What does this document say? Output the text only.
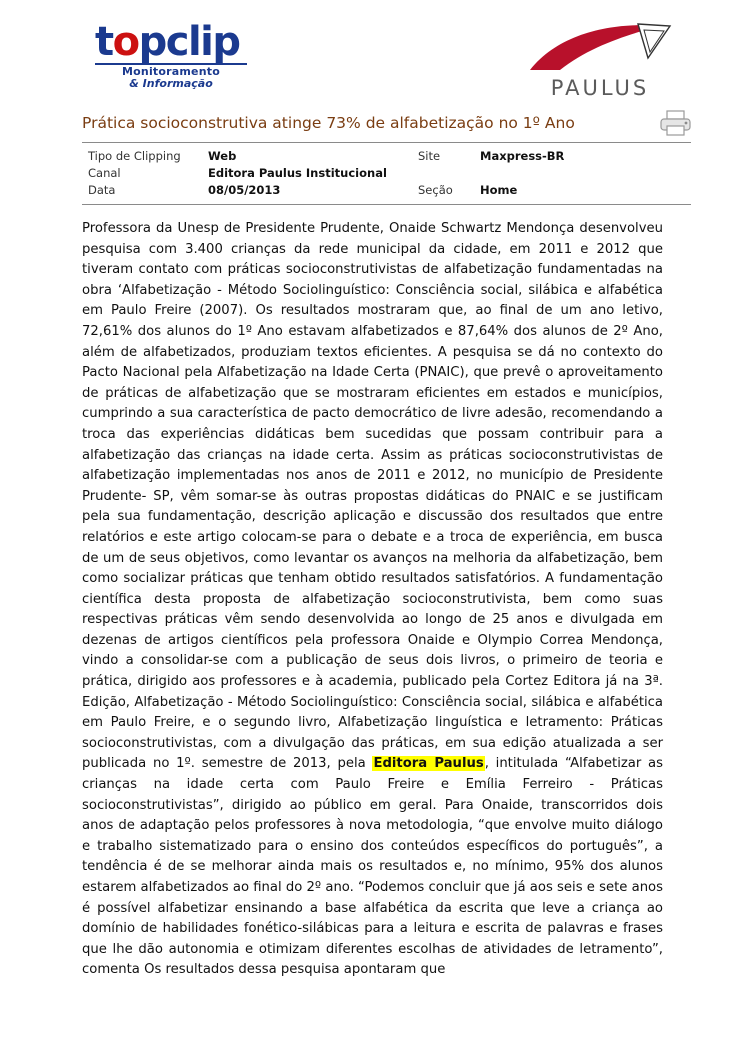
topclip
Monitoramento
& Informação	PAULUS
Prática socioconstrutiva atinge 73% de alfabetização no 1º Ano
Tipo de Clipping	Web	Site	Maxpress-BR
Canal	Editora Paulus Institucional
Data	08/05/2013	Seção	Home
Professora da Unesp de Presidente Prudente, Onaide Schwartz Mendonça desenvolveu pesquisa com 3.400 crianças da rede municipal da cidade, em 2011 e 2012 que tiveram contato com práticas socioconstrutivistas de alfabetização fundamentadas na obra ‘Alfabetização - Método Sociolinguístico: Consciência social, silábica e alfabética em Paulo Freire (2007). Os resultados mostraram que, ao final de um ano letivo, 72,61% dos alunos do 1º Ano estavam alfabetizados e 87,64% dos alunos de 2º Ano, além de alfabetizados, produziam textos eficientes. A pesquisa se dá no contexto do Pacto Nacional pela Alfabetização na Idade Certa (PNAIC), que prevê o aproveitamento de práticas de alfabetização que se mostraram eficientes em estados e municípios, cumprindo a sua característica de pacto democrático de livre adesão, recomendando a troca das experiências didáticas bem sucedidas que possam contribuir para a alfabetização das crianças na idade certa. Assim as práticas socioconstrutivistas de alfabetização implementadas nos anos de 2011 e 2012, no município de Presidente Prudente- SP, vêm somar-se às outras propostas didáticas do PNAIC e se justificam pela sua fundamentação, descrição aplicação e discussão dos resultados que entre relatórios e este artigo colocam-se para o debate e a troca de experiência, em busca de um de seus objetivos, como levantar os avanços na melhoria da alfabetização, bem como socializar práticas que tenham obtido resultados satisfatórios. A fundamentação científica desta proposta de alfabetização socioconstrutivista, bem como suas respectivas práticas vêm sendo desenvolvida ao longo de 25 anos e divulgada em dezenas de artigos científicos pela professora Onaide e Olympio Correa Mendonça, vindo a consolidar-se com a publicação de seus dois livros, o primeiro de teoria e prática, dirigido aos professores e à academia, publicado pela Cortez Editora já na 3ª. Edição, Alfabetização - Método Sociolinguístico: Consciência social, silábica e alfabética em Paulo Freire, e o segundo livro, Alfabetização linguística e letramento: Práticas socioconstrutivistas, com a divulgação das práticas, em sua edição atualizada a ser publicada no 1º. semestre de 2013, pela Editora Paulus, intitulada “Alfabetizar as crianças na idade certa com Paulo Freire e Emília Ferreiro - Práticas socioconstrutivistas”, dirigido ao público em geral. Para Onaide, transcorridos dois anos de adaptação pelos professores à nova metodologia, “que envolve muito diálogo e trabalho sistematizado para o ensino dos conteúdos específicos do português”, a tendência é de se melhorar ainda mais os resultados e, no mínimo, 95% dos alunos estarem alfabetizados ao final do 2º ano. “Podemos concluir que já aos seis e sete anos é possível alfabetizar ensinando a base alfabética da escrita que leve a criança ao domínio de habilidades fonético-silábicas para a leitura e escrita de palavras e frases que lhe dão autonomia e otimizam diferentes escolhas de atividades de letramento”, comenta Os resultados dessa pesquisa apontaram que
